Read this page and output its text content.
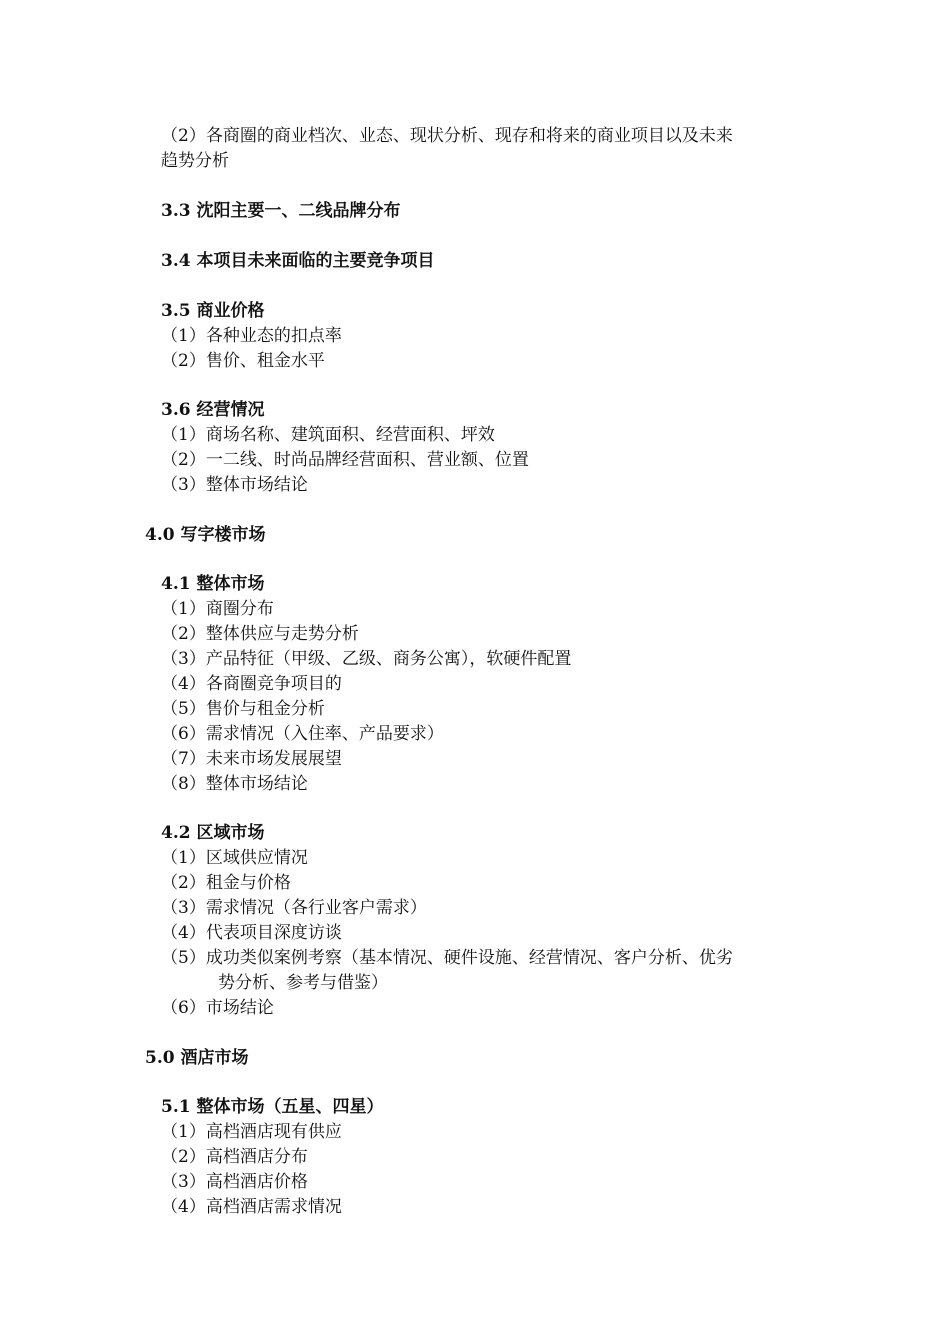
（2）各商圈的商业档次、业态、现状分析、现存和将来的商业项目以及未来
趋势分析
3.3 沈阳主要一、二线品牌分布
3.4 本项目未来面临的主要竞争项目
3.5 商业价格
（1）各种业态的扣点率
（2）售价、租金水平
3.6 经营情况
（1）商场名称、建筑面积、经营面积、坪效
（2）一二线、时尚品牌经营面积、营业额、位置
（3）整体市场结论
4.0 写字楼市场
4.1 整体市场
（1）商圈分布
（2）整体供应与走势分析
（3）产品特征（甲级、乙级、商务公寓），软硬件配置
（4）各商圈竞争项目的
（5）售价与租金分析
（6）需求情况（入住率、产品要求）
（7）未来市场发展展望
（8）整体市场结论
4.2 区域市场
（1）区域供应情况
（2）租金与价格
（3）需求情况（各行业客户需求）
（4）代表项目深度访谈
（5）成功类似案例考察（基本情况、硬件设施、经营情况、客户分析、优劣
势分析、参考与借鉴）
（6）市场结论
5.0 酒店市场
5.1 整体市场（五星、四星）
（1）高档酒店现有供应
（2）高档酒店分布
（3）高档酒店价格
（4）高档酒店需求情况
